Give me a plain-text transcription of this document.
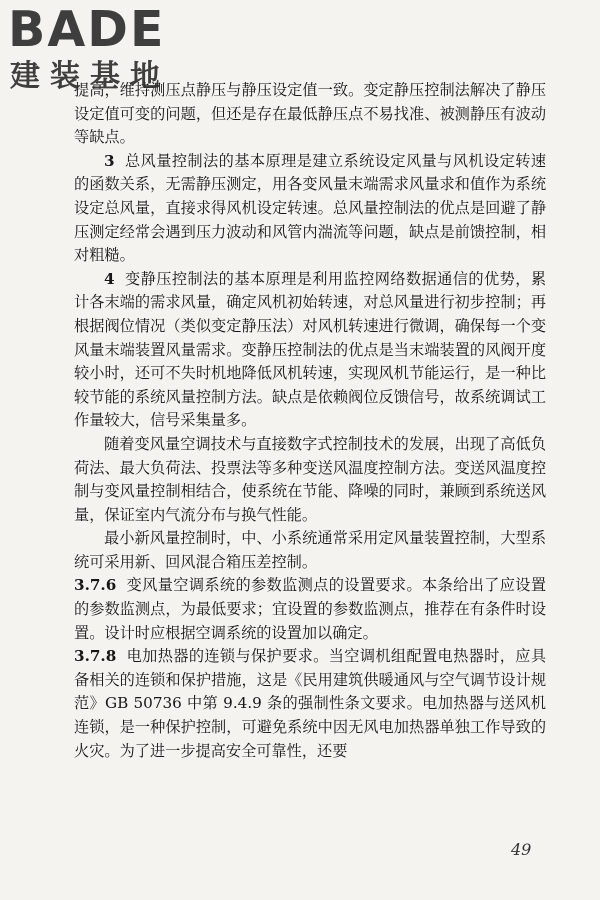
BADE
建装基地

提高，维持测压点静压与静压设定值一致。变定静压控制法解决了静压设定值可变的问题，但还是存在最低静压点不易找准、被测静压有波动等缺点。

3 总风量控制法的基本原理是建立系统设定风量与风机设定转速的函数关系，无需静压测定，用各变风量末端需求风量求和值作为系统设定总风量，直接求得风机设定转速。总风量控制法的优点是回避了静压测定经常会遇到压力波动和风管内湍流等问题，缺点是前馈控制，相对粗糙。

4 变静压控制法的基本原理是利用监控网络数据通信的优势，累计各末端的需求风量，确定风机初始转速，对总风量进行初步控制；再根据阀位情况（类似变定静压法）对风机转速进行微调，确保每一个变风量末端装置风量需求。变静压控制法的优点是当末端装置的风阀开度较小时，还可不失时机地降低风机转速，实现风机节能运行，是一种比较节能的系统风量控制方法。缺点是依赖阀位反馈信号，故系统调试工作量较大，信号采集量多。

随着变风量空调技术与直接数字式控制技术的发展，出现了高低负荷法、最大负荷法、投票法等多种变送风温度控制方法。变送风温度控制与变风量控制相结合，使系统在节能、降噪的同时，兼顾到系统送风量，保证室内气流分布与换气性能。

最小新风量控制时，中、小系统通常采用定风量装置控制，大型系统可采用新、回风混合箱压差控制。

3.7.6 变风量空调系统的参数监测点的设置要求。本条给出了应设置的参数监测点，为最低要求；宜设置的参数监测点，推荐在有条件时设置。设计时应根据空调系统的设置加以确定。

3.7.8 电加热器的连锁与保护要求。当空调机组配置电热器时，应具备相关的连锁和保护措施，这是《民用建筑供暖通风与空气调节设计规范》GB 50736 中第 9.4.9 条的强制性条文要求。电加热器与送风机连锁，是一种保护控制，可避免系统中因无风电加热器单独工作导致的火灾。为了进一步提高安全可靠性，还要

49
